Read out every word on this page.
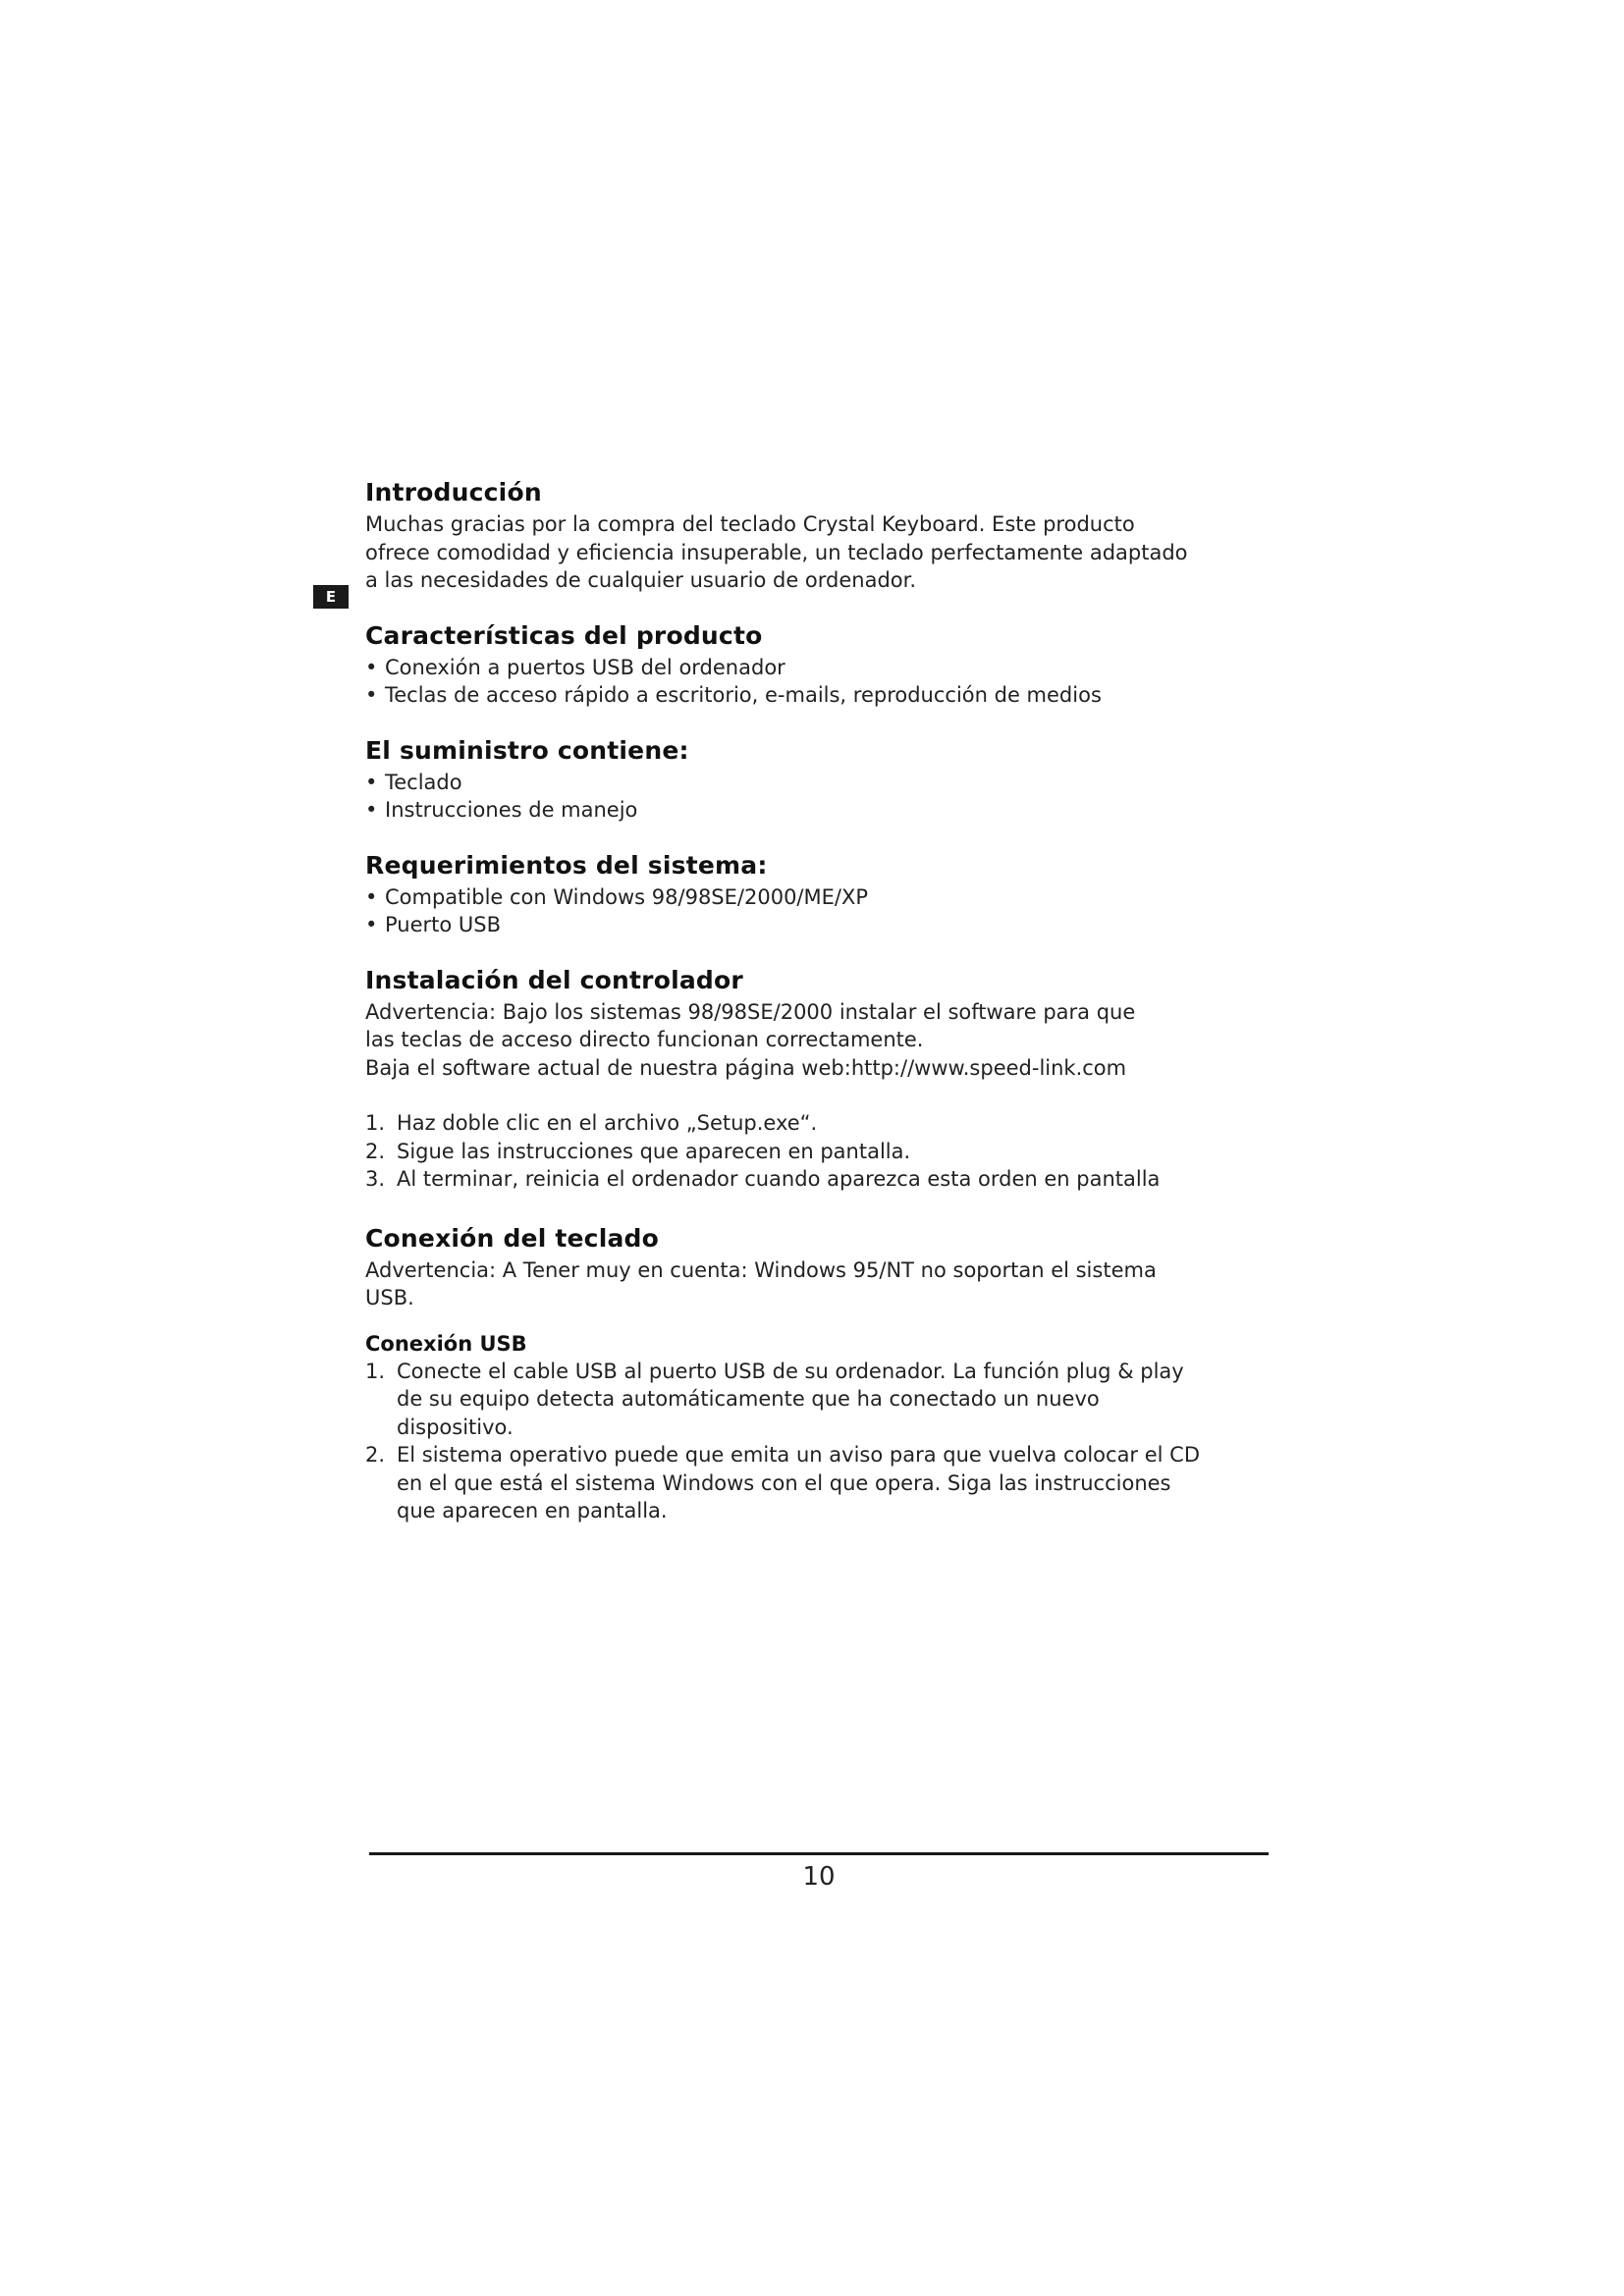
E
Introducción

Muchas gracias por la compra del teclado Crystal Keyboard. Este producto

ofrece comodidad y eficiencia insuperable, un teclado perfectamente adaptado

a las necesidades de cualquier usuario de ordenador.

Características del producto
• Conexión a puertos USB del ordenador
• Teclas de acceso rápido a escritorio, e-mails, reproducción de medios
El suministro contiene:
• Teclado
• Instrucciones de manejo
Requerimientos del sistema:
• Compatible con Windows 98/98SE/2000/ME/XP
• Puerto USB
Instalación del controlador

Advertencia: Bajo los sistemas 98/98SE/2000 instalar el software para que

las teclas de acceso directo funcionan correctamente.

Baja el software actual de nuestra página web:http://www.speed-link.com

1. Haz doble clic en el archivo „Setup.exe“.
2. Sigue las instrucciones que aparecen en pantalla.
3. Al terminar, reinicia el ordenador cuando aparezca esta orden en pantalla
Conexión del teclado

Advertencia: A Tener muy en cuenta: Windows 95/NT no soportan el sistema

USB.

Conexión USB
1. Conecte el cable USB al puerto USB de su ordenador. La función plug & play
de su equipo detecta automáticamente que ha conectado un nuevo
dispositivo.
2. El sistema operativo puede que emita un aviso para que vuelva colocar el CD
en el que está el sistema Windows con el que opera. Siga las instrucciones
que aparecen en pantalla.
10
